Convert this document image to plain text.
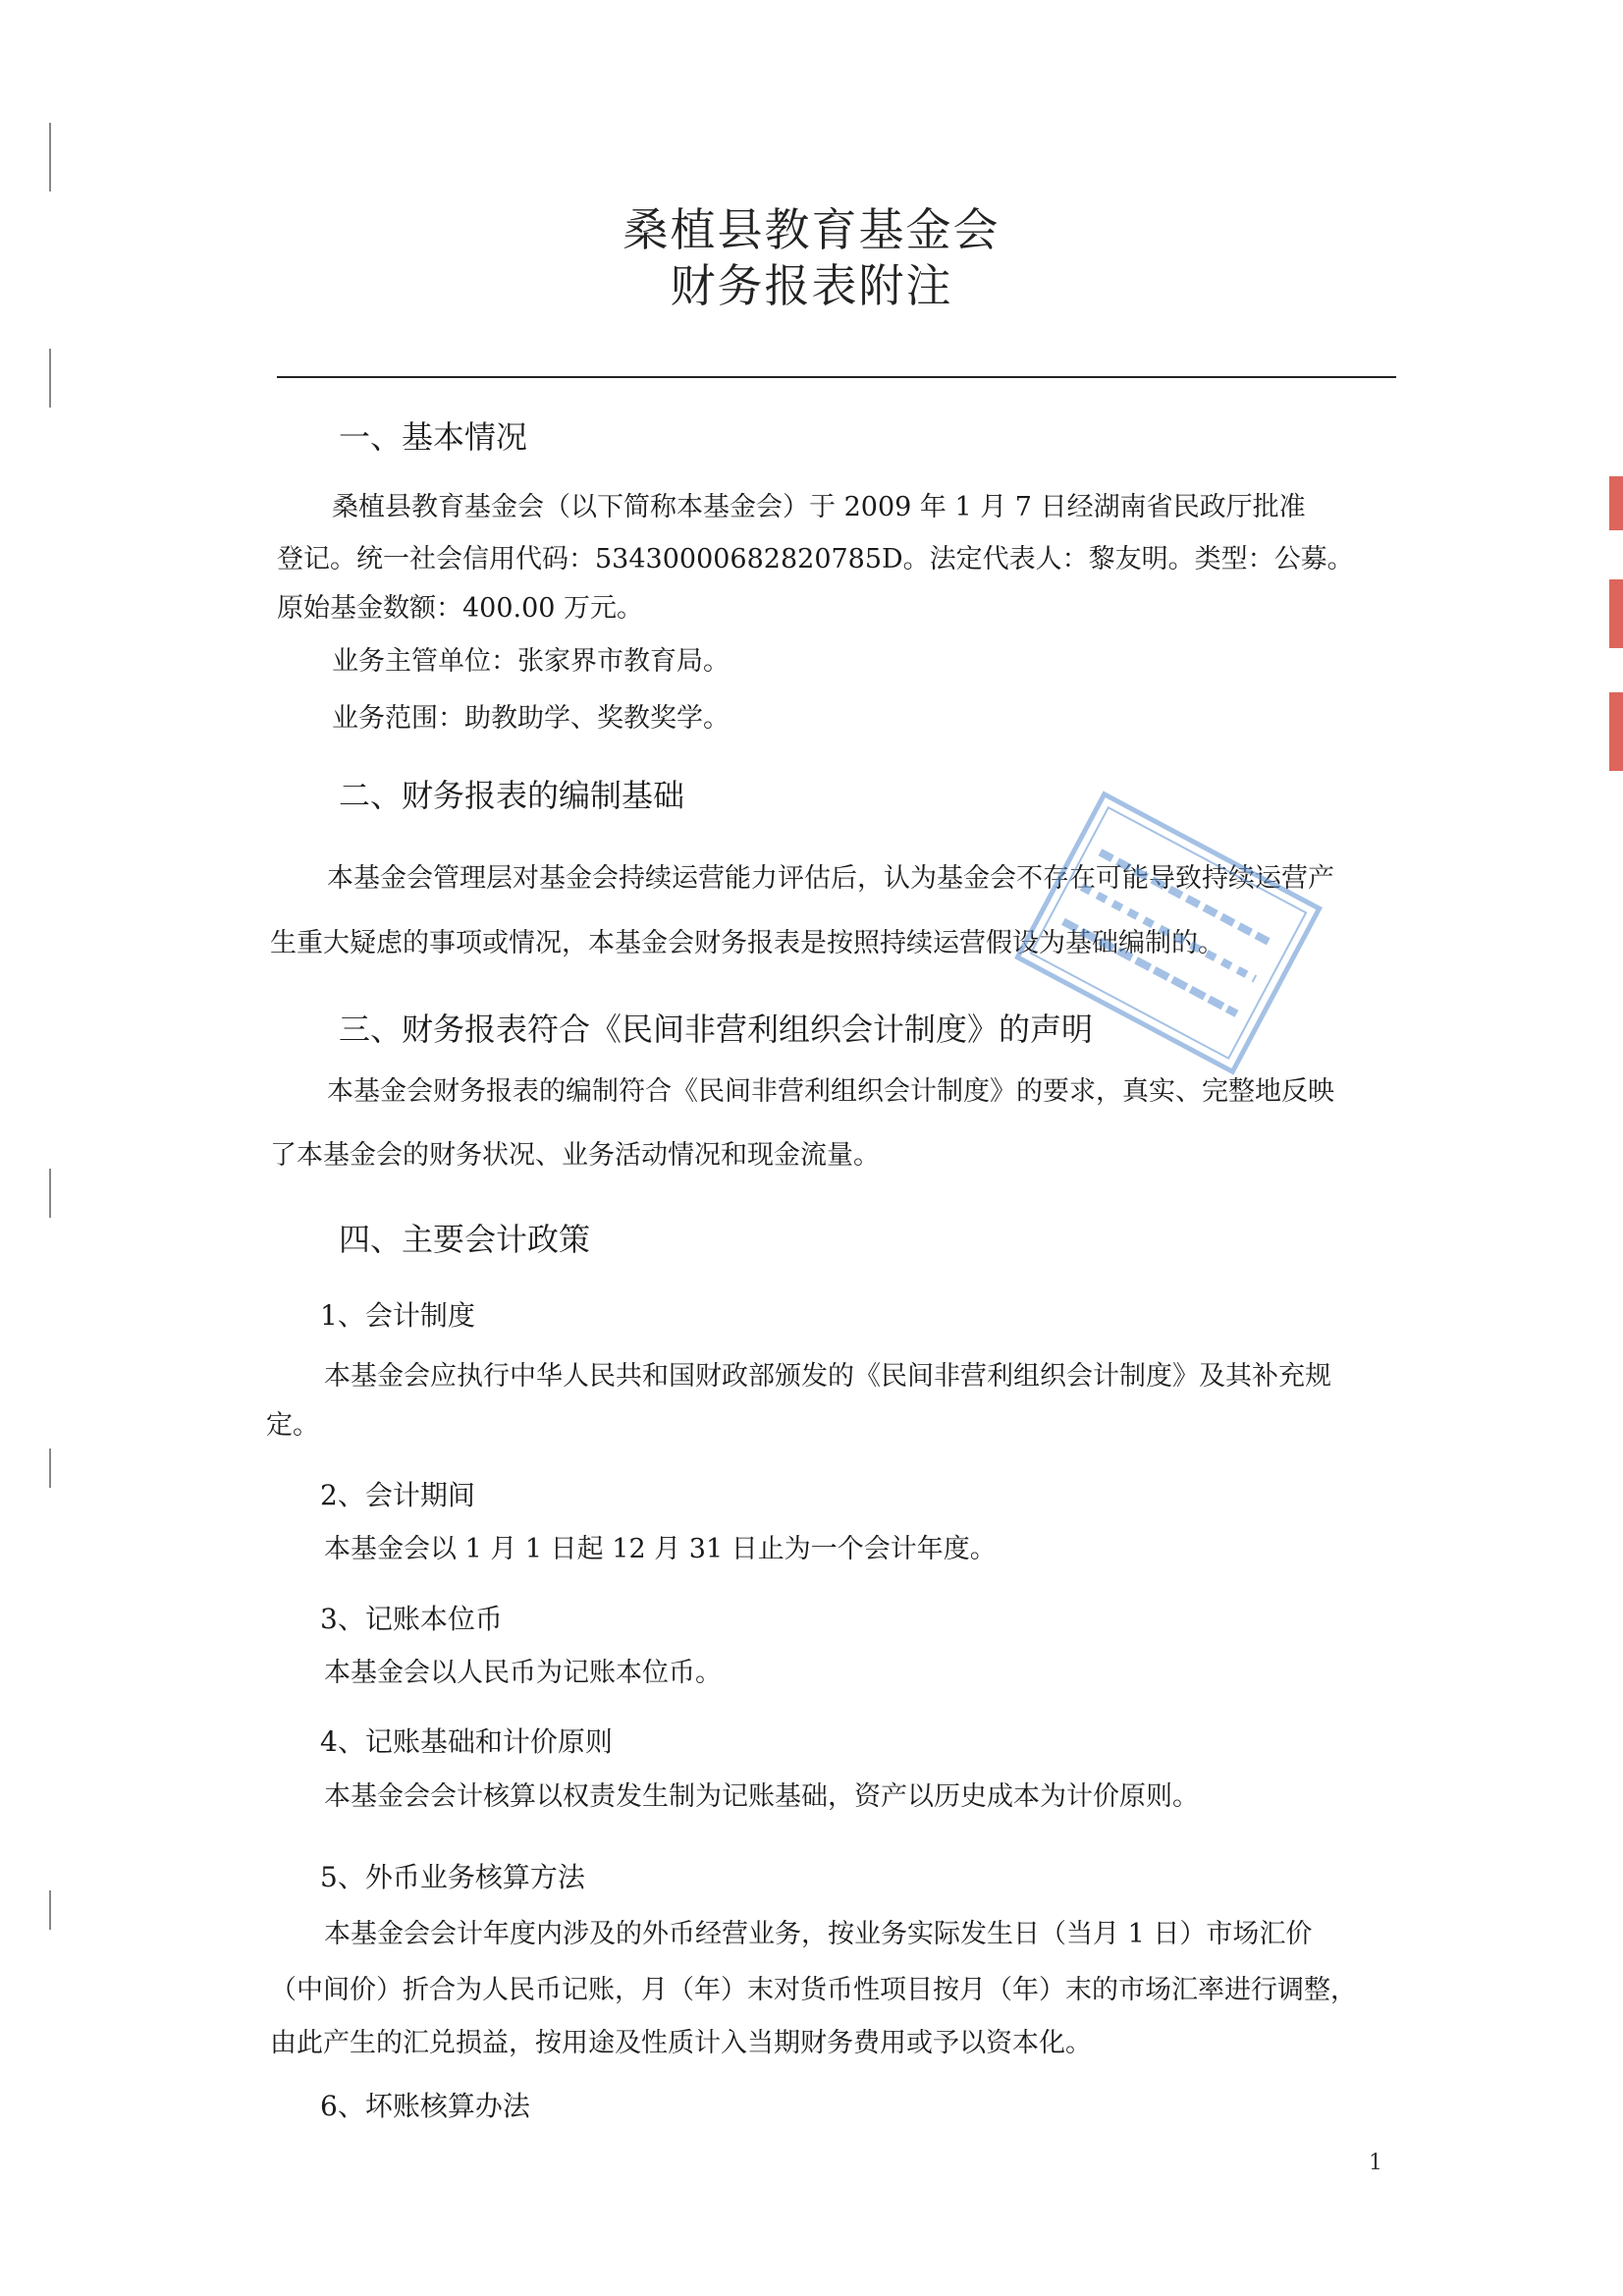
桑植县教育基金会
财务报表附注
一、基本情况
桑植县教育基金会（以下简称本基金会）于 2009 年 1 月 7 日经湖南省民政厅批准
登记。统一社会信用代码：53430000682820785D。法定代表人：黎友明。类型：公募。
原始基金数额：400.00 万元。
业务主管单位：张家界市教育局。
业务范围：助教助学、奖教奖学。
二、财务报表的编制基础
本基金会管理层对基金会持续运营能力评估后，认为基金会不存在可能导致持续运营产
生重大疑虑的事项或情况，本基金会财务报表是按照持续运营假设为基础编制的。
三、财务报表符合《民间非营利组织会计制度》的声明
本基金会财务报表的编制符合《民间非营利组织会计制度》的要求，真实、完整地反映
了本基金会的财务状况、业务活动情况和现金流量。
四、主要会计政策
1、会计制度
本基金会应执行中华人民共和国财政部颁发的《民间非营利组织会计制度》及其补充规
定。
2、会计期间
本基金会以 1 月 1 日起 12 月 31 日止为一个会计年度。
3、记账本位币
本基金会以人民币为记账本位币。
4、记账基础和计价原则
本基金会会计核算以权责发生制为记账基础，资产以历史成本为计价原则。
5、外币业务核算方法
本基金会会计年度内涉及的外币经营业务，按业务实际发生日（当月 1 日）市场汇价
（中间价）折合为人民币记账，月（年）末对货币性项目按月（年）末的市场汇率进行调整，
由此产生的汇兑损益，按用途及性质计入当期财务费用或予以资本化。
6、坏账核算办法
1
